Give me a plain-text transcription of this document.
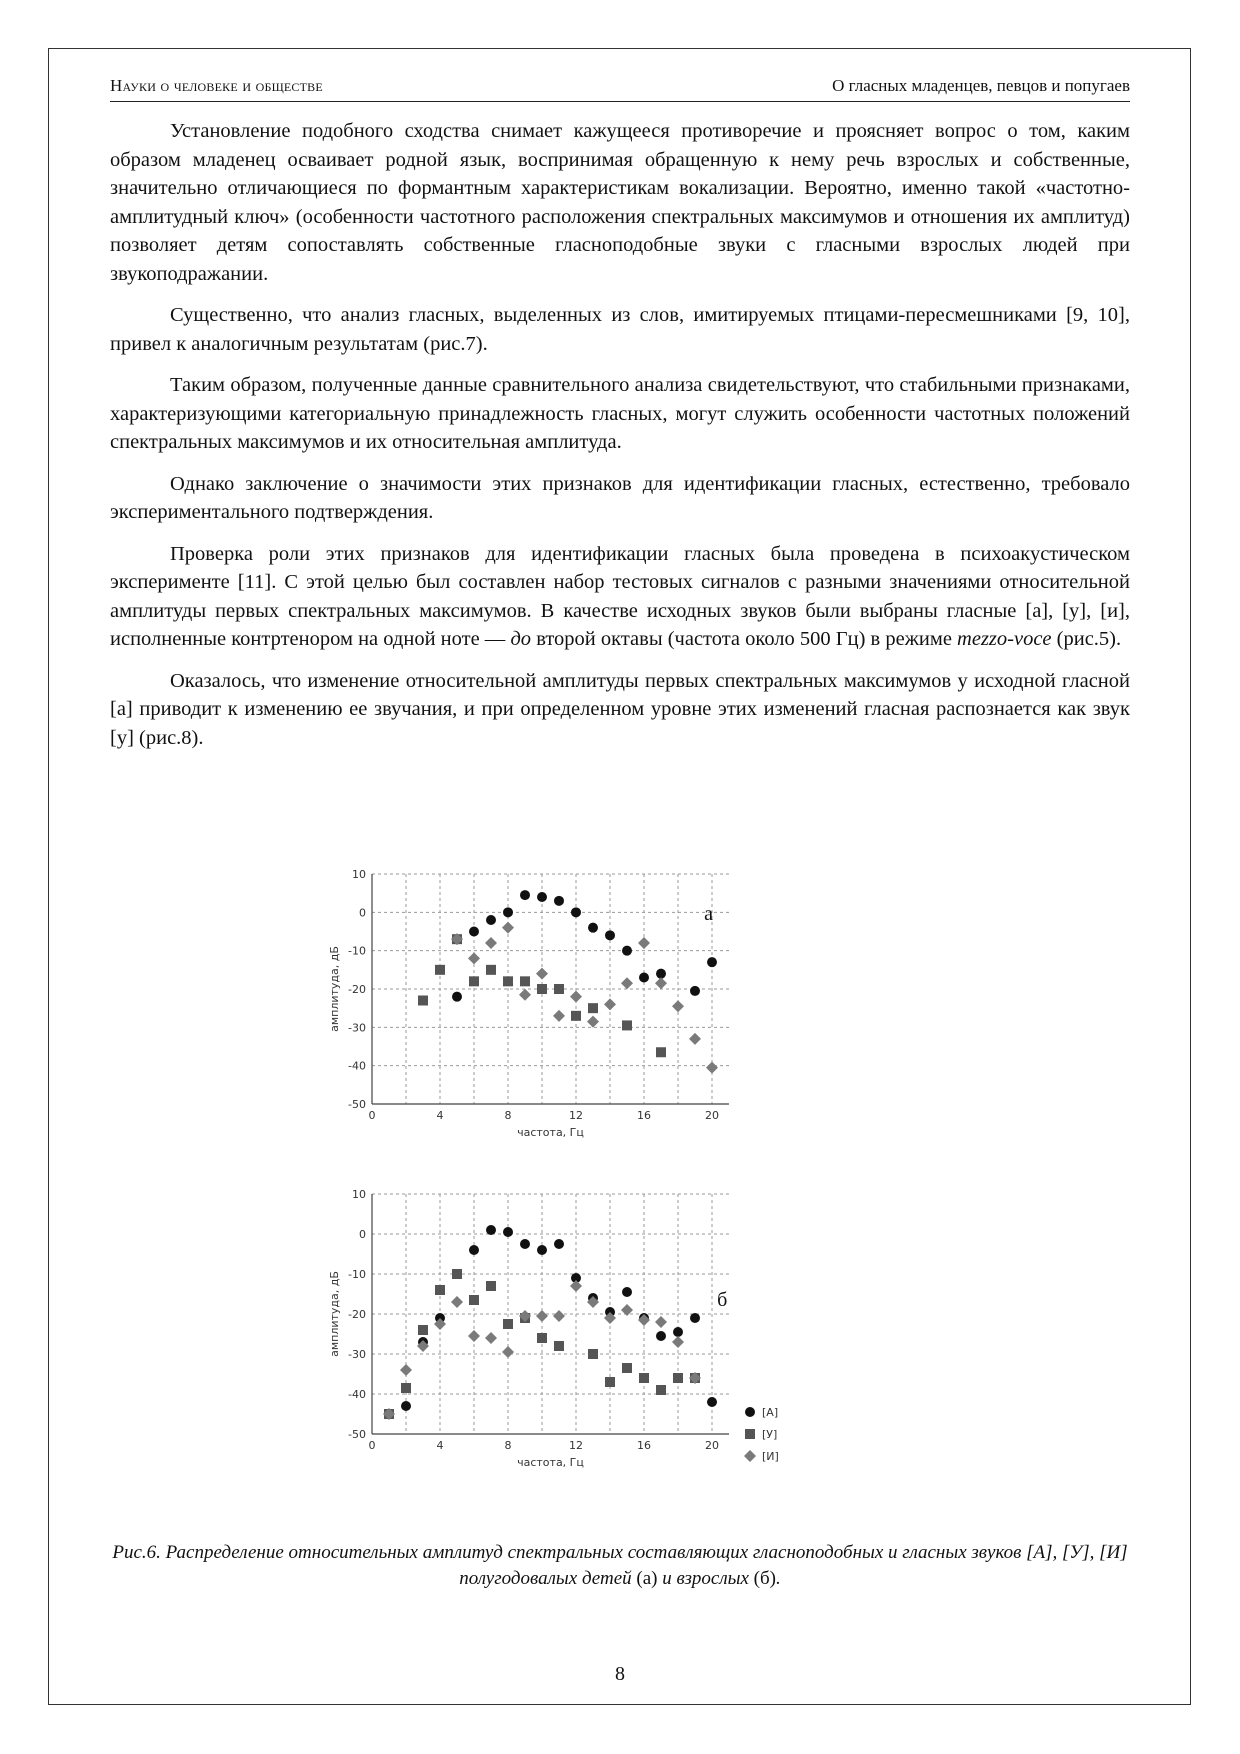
Науки о человеке и обществе	О гласных младенцев, певцов и попугаев

Установление подобного сходства снимает кажущееся противоречие и проясняет вопрос о том, каким образом младенец осваивает родной язык, воспринимая обращенную к нему речь взрослых и собственные, значительно отличающиеся по формантным характеристикам вокализации. Вероятно, именно такой «частотно-амплитудный ключ» (особенности частотного расположения спектральных максимумов и отношения их амплитуд) позволяет детям сопоставлять собственные гласноподобные звуки с гласными взрослых людей при звукоподражании.

Существенно, что анализ гласных, выделенных из слов, имитируемых птицами-пересмешниками [9, 10], привел к аналогичным результатам (рис.7).

Таким образом, полученные данные сравнительного анализа свидетельствуют, что стабильными признаками, характеризующими категориальную принадлежность гласных, могут служить особенности частотных положений спектральных максимумов и их относительная амплитуда.

Однако заключение о значимости этих признаков для идентификации гласных, естественно, требовало экспериментального подтверждения.

Проверка роли этих признаков для идентификации гласных была проведена в психоакустическом эксперименте [11]. С этой целью был составлен набор тестовых сигналов с разными значениями относительной амплитуды первых спектральных максимумов. В качестве исходных звуков были выбраны гласные [а], [у], [и], исполненные контртенором на одной ноте — до второй октавы (частота около 500 Гц) в режиме mezzo-voce (рис.5).

Оказалось, что изменение относительной амплитуды первых спектральных максимумов у исходной гласной [а] приводит к изменению ее звучания, и при определенном уровне этих изменений гласная распознается как звук [у] (рис.8).

0	4	8	12	16	20
10
0
-10
-20
-30
-40
-50
частота, Гц
амплитуда, дБ
а
0	4	8	12	16	20
10
0
-10
-20
-30
-40
-50
частота, Гц
амплитуда, дБ	б
[А]
[У]
[И]
Рис.6. Распределение относительных амплитуд спектральных составляющих гласноподобных и гласных звуков [А], [У], [И] полугодовалых детей (а) и взрослых (б).
8
